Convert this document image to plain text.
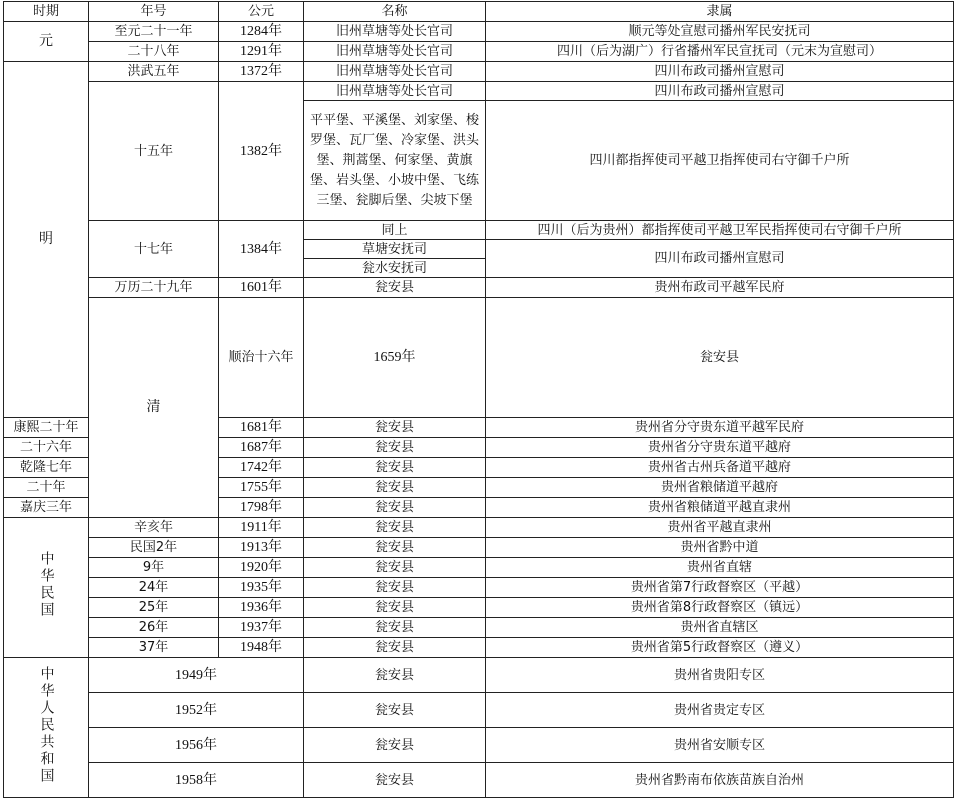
时期	年号	公元	名称	隶属	
元	至元二十一年	1284年	旧州草塘等处长官司	顺元等处宣慰司播州军民安抚司	
	二十八年	1291年	旧州草塘等处长官司	四川（后为湖广）行省播州军民宣抚司（元末为宣慰司）	
明	洪武五年	1372年	旧州草塘等处长官司	四川布政司播州宣慰司	
	十五年	1382年	旧州草塘等处长官司	四川布政司播州宣慰司	
			平平堡、平溪堡、刘家堡、梭罗堡、瓦厂堡、冷家堡、洪头堡、荆蒿堡、何家堡、黄旗堡、岩头堡、小坡中堡、飞练三堡、瓮脚后堡、尖坡下堡	四川都指挥使司平越卫指挥使司右守御千户所	
	十七年	1384年	同上	四川（后为贵州）都指挥使司平越卫军民指挥使司右守御千户所	
			草塘安抚司	四川布政司播州宣慰司	
			瓮水安抚司		
	万历二十九年	1601年	瓮安县	贵州布政司平越军民府	
	清	顺治十六年	1659年	瓮安县	
康熙二十年		1681年	瓮安县	贵州省分守贵东道平越军民府	
二十六年		1687年	瓮安县	贵州省分守贵东道平越府	
乾隆七年		1742年	瓮安县	贵州省古州兵备道平越府	
二十年		1755年	瓮安县	贵州省粮储道平越府	
嘉庆三年		1798年	瓮安县	贵州省粮储道平越直隶州	
中华民国	辛亥年	1911年	瓮安县	贵州省平越直隶州	
	民国2年	1913年	瓮安县	贵州省黔中道	
	9年	1920年	瓮安县	贵州省直辖	
	24年	1935年	瓮安县	贵州省第7行政督察区（平越）	
	25年	1936年	瓮安县	贵州省第8行政督察区（镇远）	
	26年	1937年	瓮安县	贵州省直辖区	
	37年	1948年	瓮安县	贵州省第5行政督察区（遵义）	
中华人民共和国	1949年		瓮安县	贵州省贵阳专区	
	1952年		瓮安县	贵州省贵定专区	
	1956年		瓮安县	贵州省安顺专区	
	1958年		瓮安县	贵州省黔南布依族苗族自治州	
